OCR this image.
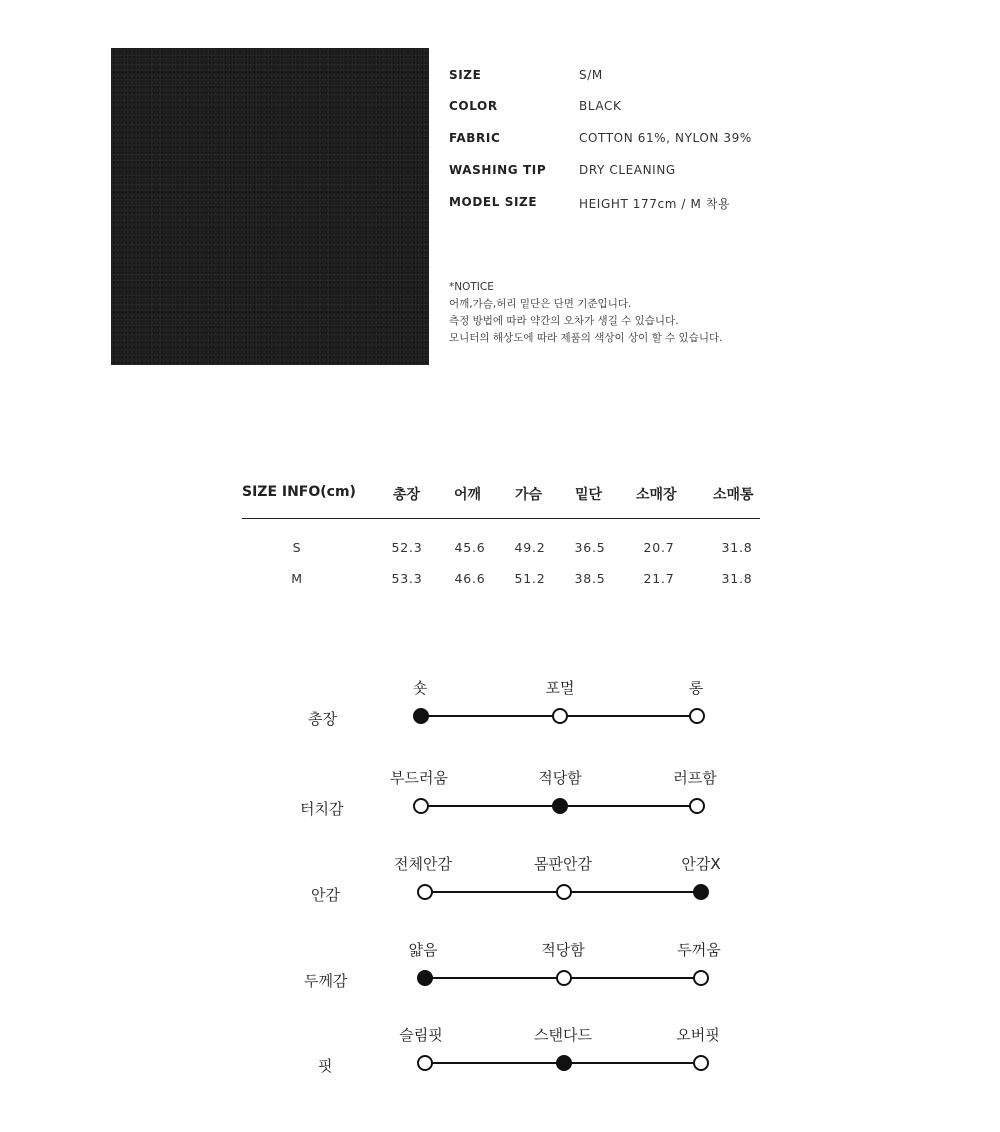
SIZE	S/M
COLOR	BLACK
FABRIC	COTTON 61%, NYLON 39%
WASHING TIP	DRY CLEANING
MODEL SIZE	HEIGHT 177cm / M 착용
*NOTICE
어깨,가슴,허리 밑단은 단면 기준입니다.
측정 방법에 따라 약간의 오차가 생길 수 있습니다.
모니터의 해상도에 따라 제품의 색상이 상이 할 수 있습니다.
SIZE INFO(cm)	총장 어깨 가슴 밑단 소매장	소매통
S	52.3	45.6 49.2 36.5	20.7	31.8
M	53.3	46.6 51.2 38.5	21.7	31.8
총장
숏	포멀	롱
터치감
부드러움	적당함	러프함
안감
전체안감	몸판안감	안감X
두께감
얇음	적당함	두꺼움
핏
슬림핏	스탠다드	오버핏
